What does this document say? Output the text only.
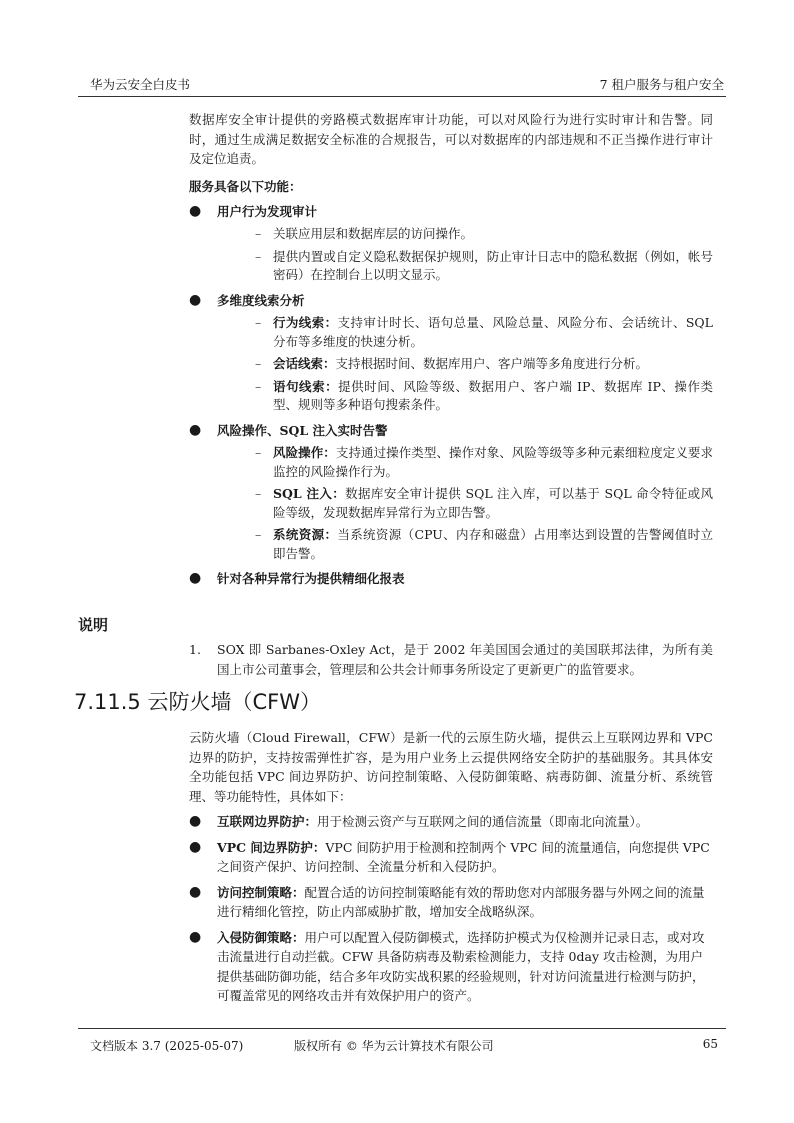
华为云安全白皮书	7 租户服务与租户安全

数据库安全审计提供的旁路模式数据库审计功能，可以对风险行为进行实时审计和告警。同时，通过生成满足数据安全标准的合规报告，可以对数据库的内部违规和不正当操作进行审计及定位追责。

服务具备以下功能：

● 用户行为发现审计
– 关联应用层和数据库层的访问操作。
– 提供内置或自定义隐私数据保护规则，防止审计日志中的隐私数据（例如，帐号密码）在控制台上以明文显示。
● 多维度线索分析
– 行为线索：支持审计时长、语句总量、风险总量、风险分布、会话统计、SQL 分布等多维度的快速分析。
– 会话线索：支持根据时间、数据库用户、客户端等多角度进行分析。
– 语句线索：提供时间、风险等级、数据用户、客户端 IP、数据库 IP、操作类型、规则等多种语句搜索条件。
● 风险操作、SQL 注入实时告警
– 风险操作：支持通过操作类型、操作对象、风险等级等多种元素细粒度定义要求监控的风险操作行为。
– SQL 注入：数据库安全审计提供 SQL 注入库，可以基于 SQL 命令特征或风险等级，发现数据库异常行为立即告警。
– 系统资源：当系统资源（CPU、内存和磁盘）占用率达到设置的告警阈值时立即告警。
● 针对各种异常行为提供精细化报表
说明

1. SOX 即 Sarbanes-Oxley Act，是于 2002 年美国国会通过的美国联邦法律，为所有美国上市公司董事会，管理层和公共会计师事务所设定了更新更广的监管要求。

7.11.5 云防火墙（CFW）

云防火墙（Cloud Firewall，CFW）是新一代的云原生防火墙，提供云上互联网边界和 VPC 边界的防护，支持按需弹性扩容，是为用户业务上云提供网络安全防护的基础服务。其具体安全功能包括 VPC 间边界防护、访问控制策略、入侵防御策略、病毒防御、流量分析、系统管理、等功能特性，具体如下：

● 互联网边界防护：用于检测云资产与互联网之间的通信流量（即南北向流量）。
● VPC 间边界防护：VPC 间防护用于检测和控制两个 VPC 间的流量通信，向您提供 VPC 之间资产保护、访问控制、全流量分析和入侵防护。
● 访问控制策略：配置合适的访问控制策略能有效的帮助您对内部服务器与外网之间的流量进行精细化管控，防止内部威胁扩散，增加安全战略纵深。
● 入侵防御策略：用户可以配置入侵防御模式，选择防护模式为仅检测并记录日志，或对攻击流量进行自动拦截。CFW 具备防病毒及勒索检测能力，支持 0day 攻击检测，为用户提供基础防御功能，结合多年攻防实战积累的经验规则，针对访问流量进行检测与防护，可覆盖常见的网络攻击并有效保护用户的资产。
文档版本 3.7 (2025-05-07)	版权所有 © 华为云计算技术有限公司	65
